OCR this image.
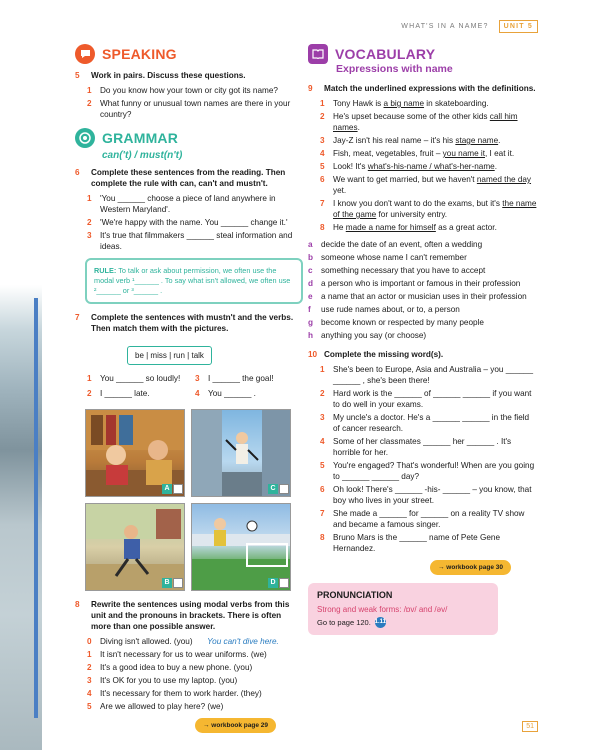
WHAT'S IN A NAME?	UNIT 5
SPEAKING
5	Work in pairs. Discuss these questions.
1	Do you know how your town or city got its name?
2	What funny or unusual town names are there in your country?
GRAMMAR
can('t) / must(n't)
6	Complete these sentences from the reading. Then complete the rule with can, can't and mustn't.
1	'You ______ choose a piece of land anywhere in Western Maryland'.
2	'We're happy with the name. You ______ change it.'
3	It's true that filmmakers ______ steal information and ideas.
RULE: To talk or ask about permission, we often use the modal verb ¹______ . To say what isn't allowed, we often use ²______ or ³______ .
7	Complete the sentences with mustn't and the verbs. Then match them with the pictures.
be | miss | run | talk
1	You ______ so loudly! 3	I ______ the goal!
2	I ______ late.	4	You ______ .
A	C
B	D
8	Rewrite the sentences using modal verbs from this unit and the pronouns in brackets. There is often more than one possible answer.
0	Diving isn't allowed. (you)
You can't dive here.
1	It isn't necessary for us to wear uniforms. (we)
2	It's a good idea to buy a new phone. (you)
3	It's OK for you to use my laptop. (you)
4	It's necessary for them to work harder. (they)
5	Are we allowed to play here? (we)
→ workbook page 29
VOCABULARY
Expressions with name
9	Match the underlined expressions with the definitions.
1	Tony Hawk is a big name in skateboarding.
2	He's upset because some of the other kids call him names.
3	Jay-Z isn't his real name – it's his stage name.
4	Fish, meat, vegetables, fruit – you name it, I eat it.
5	Look! It's what's-his-name / what's-her-name.
6	We want to get married, but we haven't named the day yet.
7	I know you don't want to do the exams, but it's the name of the game for university entry.
8	He made a name for himself as a great actor.
a	decide the date of an event, often a wedding
b someone whose name I can't remember
c	something necessary that you have to accept
d a person who is important or famous in their profession
e	a name that an actor or musician uses in their profession
f	use rude names about, or to, a person
g become known or respected by many people
h anything you say (or choose)
10 Complete the missing word(s).
1	She's been to Europe, Asia and Australia – you ______ ______ , she's been there!
2	Hard work is the ______ of ______ ______ if you want to do well in your exams.
3	My uncle's a doctor. He's a ______ ______ in the field of cancer research.
4	Some of her classmates ______ her ______ . It's horrible for her.
5	You're engaged? That's wonderful! When are you going to ______ ______ day?
6	Oh look! There's ______ -his- ______ – you know, that boy who lives in your street.
7	She made a ______ for ______ on a reality TV show and became a famous singer.
8	Bruno Mars is the ______ name of Pete Gene Hernandez.
→ workbook page 30
PRONUNCIATION
Strong and weak forms: /ɒv/ and /əv/
Go to page 120. 1.11
51
